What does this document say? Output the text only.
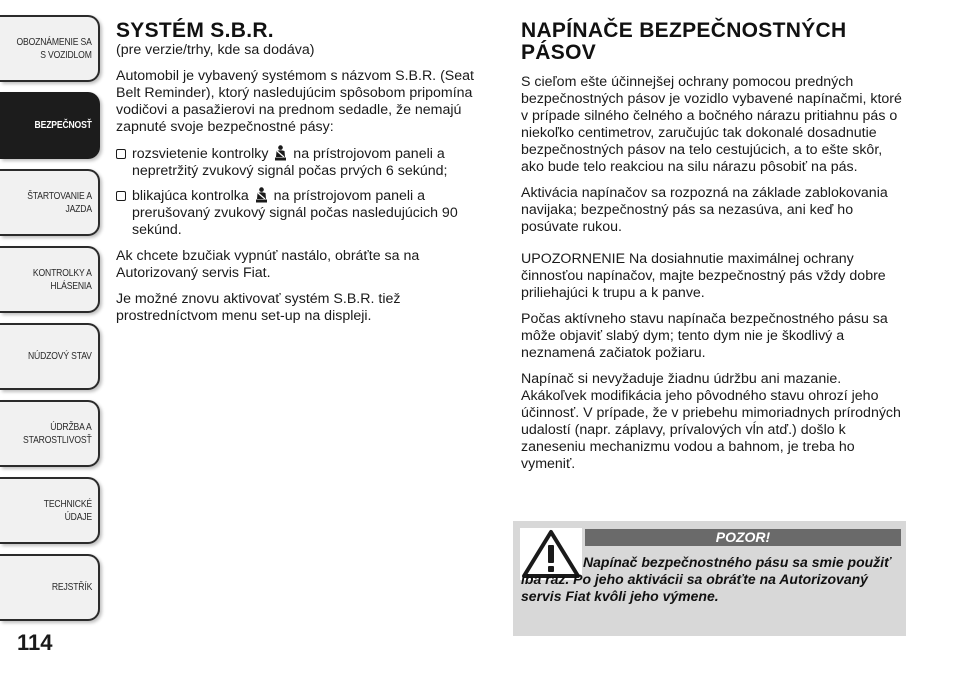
OBOZNÁMENIE SA
S VOZIDLOM
BEZPEČNOSŤ
ŠTARTOVANIE A
JAZDA
KONTROLKY A
HLÁSENIA
NÚDZOVÝ STAV
ÚDRŽBA A
STAROSTLIVOSŤ
TECHNICKÉ ÚDAJE
REJSTŘÍK
114
SYSTÉM S.B.R.

(pre verzie/trhy, kde sa dodáva)

Automobil je vybavený systémom s názvom S.B.R. (Seat Belt Reminder), ktorý nasledujúcim spôsobom pripomína vodičovi a pasažierovi na prednom sedadle, že nemajú zapnuté svoje bezpečnostné pásy:

rozsvietenie kontrolky  na prístrojovom paneli a nepretržitý zvukový signál počas prvých 6 sekúnd;
blikajúca kontrolka  na prístrojovom paneli a prerušovaný zvukový signál počas nasledujúcich 90 sekúnd.

Ak chcete bzučiak vypnúť nastálo, obráťte sa na Autorizovaný servis Fiat.

Je možné znovu aktivovať systém S.B.R. tiež prostredníctvom menu set-up na displeji.

NAPÍNAČE BEZPEČNOSTNÝCH PÁSOV

S cieľom ešte účinnejšej ochrany pomocou predných bezpečnostných pásov je vozidlo vybavené napínačmi, ktoré v prípade silného čelného a bočného nárazu pritiahnu pás o niekoľko centimetrov, zaručujúc tak dokonalé dosadnutie bezpečnostných pásov na telo cestujúcich, a to ešte skôr, ako bude telo reakciou na silu nárazu pôsobiť na pás.

Aktivácia napínačov sa rozpozná na základe zablokovania navijaka; bezpečnostný pás sa nezasúva, ani keď ho posúvate rukou.

UPOZORNENIE Na dosiahnutie maximálnej ochrany činnosťou napínačov, majte bezpečnostný pás vždy dobre priliehajúci k trupu a k panve.

Počas aktívneho stavu napínača bezpečnostného pásu sa môže objaviť slabý dym; tento dym nie je škodlivý a neznamená začiatok požiaru.

Napínač si nevyžaduje žiadnu údržbu ani mazanie. Akákoľvek modifikácia jeho pôvodného stavu ohrozí jeho účinnosť. V prípade, že v priebehu mimoriadnych prírodných udalostí (napr. záplavy, prívalových vĺn atď.) došlo k zaneseniu mechanizmu vodou a bahnom, je treba ho vymeniť.

POZOR!
Napínač bezpečnostného pásu sa smie použiť iba raz. Po jeho aktivácii sa obráťte na Autorizovaný servis Fiat kvôli jeho výmene.
